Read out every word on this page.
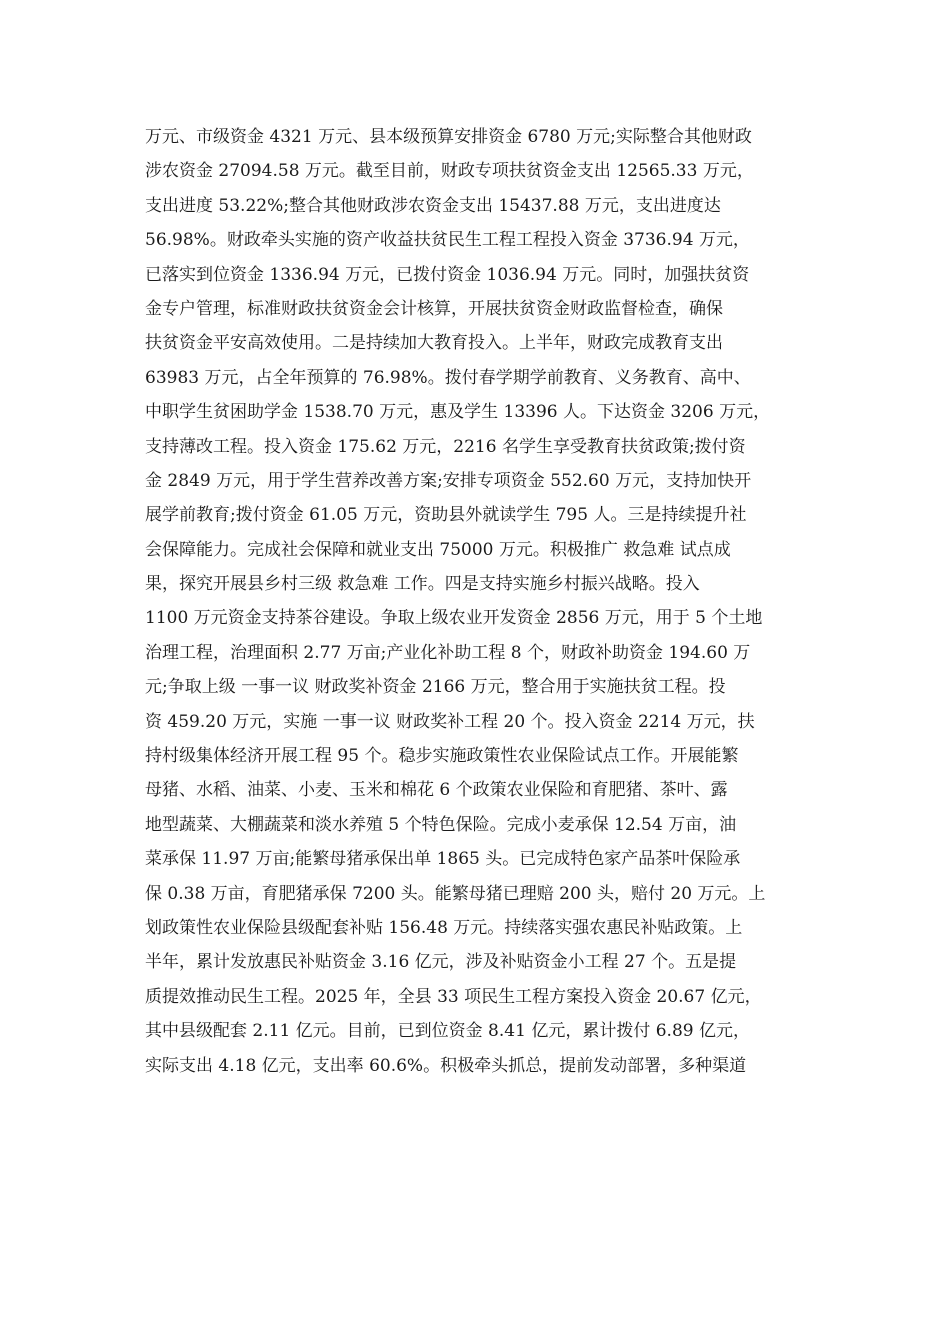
万元、市级资金 4321 万元、县本级预算安排资金 6780 万元;实际整合其他财政
涉农资金 27094.58 万元。截至目前，财政专项扶贫资金支出 12565.33 万元，
支出进度 53.22%;整合其他财政涉农资金支出 15437.88 万元，支出进度达
56.98%。财政牵头实施的资产收益扶贫民生工程工程投入资金 3736.94 万元，
已落实到位资金 1336.94 万元，已拨付资金 1036.94 万元。同时，加强扶贫资
金专户管理，标准财政扶贫资金会计核算，开展扶贫资金财政监督检查，确保
扶贫资金平安高效使用。二是持续加大教育投入。上半年，财政完成教育支出
63983 万元，占全年预算的 76.98%。拨付春学期学前教育、义务教育、高中、
中职学生贫困助学金 1538.70 万元，惠及学生 13396 人。下达资金 3206 万元，
支持薄改工程。投入资金 175.62 万元，2216 名学生享受教育扶贫政策;拨付资
金 2849 万元，用于学生营养改善方案;安排专项资金 552.60 万元，支持加快开
展学前教育;拨付资金 61.05 万元，资助县外就读学生 795 人。三是持续提升社
会保障能力。完成社会保障和就业支出 75000 万元。积极推广 救急难 试点成
果，探究开展县乡村三级 救急难 工作。四是支持实施乡村振兴战略。投入
1100 万元资金支持茶谷建设。争取上级农业开发资金 2856 万元，用于 5 个土地
治理工程，治理面积 2.77 万亩;产业化补助工程 8 个，财政补助资金 194.60 万
元;争取上级 一事一议 财政奖补资金 2166 万元，整合用于实施扶贫工程。投
资 459.20 万元，实施 一事一议 财政奖补工程 20 个。投入资金 2214 万元，扶
持村级集体经济开展工程 95 个。稳步实施政策性农业保险试点工作。开展能繁
母猪、水稻、油菜、小麦、玉米和棉花 6 个政策农业保险和育肥猪、茶叶、露
地型蔬菜、大棚蔬菜和淡水养殖 5 个特色保险。完成小麦承保 12.54 万亩，油
菜承保 11.97 万亩;能繁母猪承保出单 1865 头。已完成特色家产品茶叶保险承
保 0.38 万亩，育肥猪承保 7200 头。能繁母猪已理赔 200 头，赔付 20 万元。上
划政策性农业保险县级配套补贴 156.48 万元。持续落实强农惠民补贴政策。上
半年，累计发放惠民补贴资金 3.16 亿元，涉及补贴资金小工程 27 个。五是提
质提效推动民生工程。2025 年，全县 33 项民生工程方案投入资金 20.67 亿元，
其中县级配套 2.11 亿元。目前，已到位资金 8.41 亿元，累计拨付 6.89 亿元，
实际支出 4.18 亿元，支出率 60.6%。积极牵头抓总，提前发动部署，多种渠道
